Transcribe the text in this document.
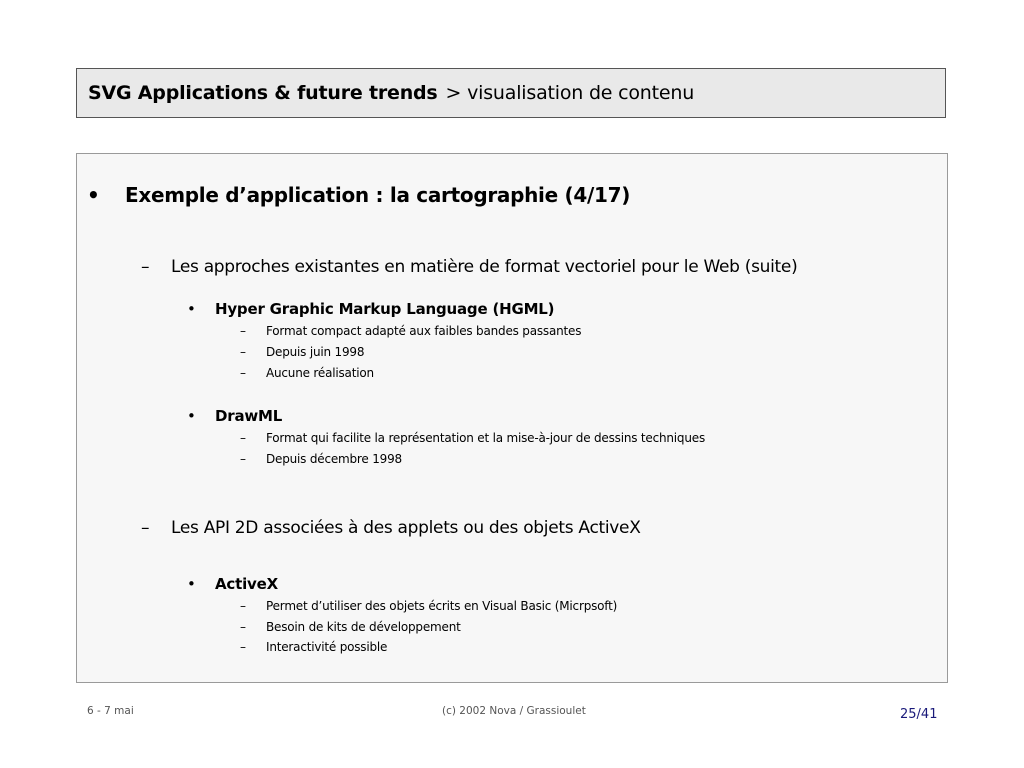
SVG Applications & future trends > visualisation de contenu
• Exemple d’application : la cartographie (4/17)
– Les approches existantes en matière de format vectoriel pour le Web (suite)
• Hyper Graphic Markup Language (HGML)
– Format compact adapté aux faibles bandes passantes
– Depuis juin 1998
– Aucune réalisation
• DrawML
– Format qui facilite la représentation et la mise-à-jour de dessins techniques
– Depuis décembre 1998
– Les API 2D associées à des applets ou des objets ActiveX
• ActiveX
– Permet d’utiliser des objets écrits en Visual Basic (Micrpsoft)
– Besoin de kits de développement
– Interactivité possible
6 - 7 mai	(c) 2002 Nova / Grassioulet	25/41
